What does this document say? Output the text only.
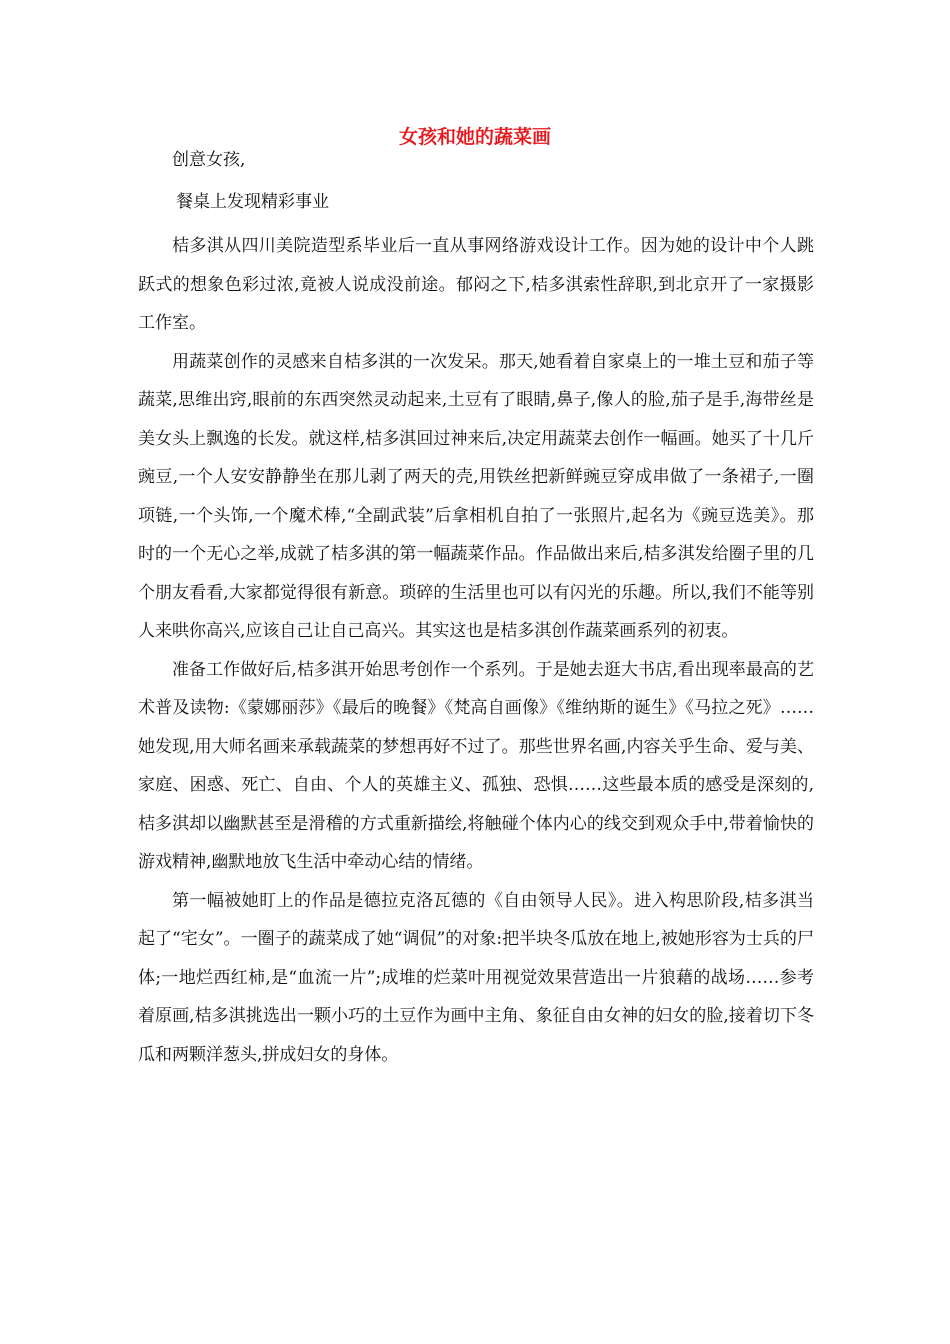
女孩和她的蔬菜画
创意女孩,
餐桌上发现精彩事业

桔多淇从四川美院造型系毕业后一直从事网络游戏设计工作。因为她的设计中个人跳跃式的想象色彩过浓,竟被人说成没前途。郁闷之下,桔多淇索性辞职,到北京开了一家摄影工作室。

用蔬菜创作的灵感来自桔多淇的一次发呆。那天,她看着自家桌上的一堆土豆和茄子等蔬菜,思维出窍,眼前的东西突然灵动起来,土豆有了眼睛,鼻子,像人的脸,茄子是手,海带丝是美女头上飘逸的长发。就这样,桔多淇回过神来后,决定用蔬菜去创作一幅画。她买了十几斤豌豆,一个人安安静静坐在那儿剥了两天的壳,用铁丝把新鲜豌豆穿成串做了一条裙子,一圈项链,一个头饰,一个魔术棒,“全副武装”后拿相机自拍了一张照片,起名为《豌豆选美》。那时的一个无心之举,成就了桔多淇的第一幅蔬菜作品。作品做出来后,桔多淇发给圈子里的几个朋友看看,大家都觉得很有新意。琐碎的生活里也可以有闪光的乐趣。所以,我们不能等别人来哄你高兴,应该自己让自己高兴。其实这也是桔多淇创作蔬菜画系列的初衷。

准备工作做好后,桔多淇开始思考创作一个系列。于是她去逛大书店,看出现率最高的艺术普及读物:《蒙娜丽莎》《最后的晚餐》《梵高自画像》《维纳斯的诞生》《马拉之死》……她发现,用大师名画来承载蔬菜的梦想再好不过了。那些世界名画,内容关乎生命、爱与美、家庭、困惑、死亡、自由、个人的英雄主义、孤独、恐惧……这些最本质的感受是深刻的,桔多淇却以幽默甚至是滑稽的方式重新描绘,将触碰个体内心的线交到观众手中,带着愉快的游戏精神,幽默地放飞生活中牵动心结的情绪。

第一幅被她盯上的作品是德拉克洛瓦德的《自由领导人民》。进入构思阶段,桔多淇当起了“宅女”。一圈子的蔬菜成了她“调侃”的对象:把半块冬瓜放在地上,被她形容为士兵的尸体;一地烂西红柿,是“血流一片”;成堆的烂菜叶用视觉效果营造出一片狼藉的战场……参考着原画,桔多淇挑选出一颗小巧的土豆作为画中主角、象征自由女神的妇女的脸,接着切下冬瓜和两颗洋葱头,拼成妇女的身体。
